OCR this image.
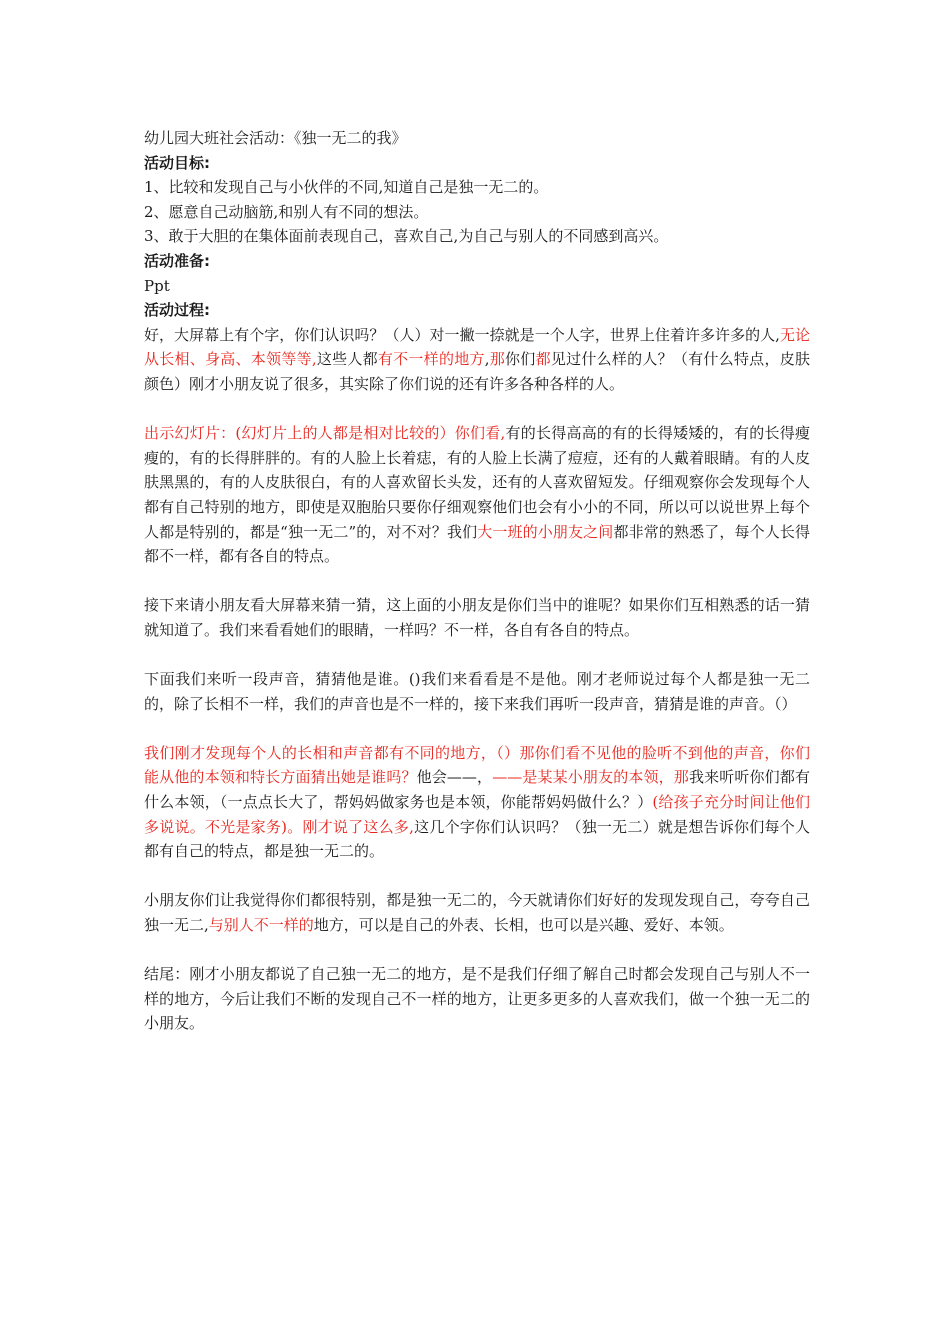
幼儿园大班社会活动：《独一无二的我》

活动目标:

1、比较和发现自己与小伙伴的不同,知道自己是独一无二的。

2、愿意自己动脑筋,和别人有不同的想法。

3、敢于大胆的在集体面前表现自己，喜欢自己,为自己与别人的不同感到高兴。

活动准备:

Ppt

活动过程:

好，大屏幕上有个字，你们认识吗？（人）对一撇一捺就是一个人字，世界上住着许多许多的人,无论从长相、身高、本领等等,这些人都有不一样的地方,那你们都见过什么样的人？（有什么特点，皮肤颜色）刚才小朋友说了很多，其实除了你们说的还有许多各种各样的人。

出示幻灯片：(幻灯片上的人都是相对比较的）你们看,有的长得高高的有的长得矮矮的，有的长得瘦瘦的，有的长得胖胖的。有的人脸上长着痣，有的人脸上长满了痘痘，还有的人戴着眼睛。有的人皮肤黑黑的，有的人皮肤很白，有的人喜欢留长头发，还有的人喜欢留短发。仔细观察你会发现每个人都有自己特别的地方，即使是双胞胎只要你仔细观察他们也会有小小的不同，所以可以说世界上每个人都是特别的，都是“独一无二”的，对不对？我们大一班的小朋友之间都非常的熟悉了，每个人长得都不一样，都有各自的特点。

接下来请小朋友看大屏幕来猜一猜，这上面的小朋友是你们当中的谁呢？如果你们互相熟悉的话一猜就知道了。我们来看看她们的眼睛，一样吗？不一样，各自有各自的特点。

下面我们来听一段声音，猜猜他是谁。()我们来看看是不是他。刚才老师说过每个人都是独一无二的，除了长相不一样，我们的声音也是不一样的，接下来我们再听一段声音，猜猜是谁的声音。（）

我们刚才发现每个人的长相和声音都有不同的地方，（）那你们看不见他的脸听不到他的声音，你们能从他的本领和特长方面猜出她是谁吗？他会——，——是某某小朋友的本领，那我来听听你们都有什么本领，（一点点长大了，帮妈妈做家务也是本领，你能帮妈妈做什么？）(给孩子充分时间让他们多说说。不光是家务)。刚才说了这么多,这几个字你们认识吗？（独一无二）就是想告诉你们每个人都有自己的特点，都是独一无二的。

小朋友你们让我觉得你们都很特别，都是独一无二的，今天就请你们好好的发现发现自己，夸夸自己独一无二,与别人不一样的地方，可以是自己的外表、长相，也可以是兴趣、爱好、本领。

结尾：刚才小朋友都说了自己独一无二的地方，是不是我们仔细了解自己时都会发现自己与别人不一样的地方，今后让我们不断的发现自己不一样的地方，让更多更多的人喜欢我们，做一个独一无二的小朋友。
